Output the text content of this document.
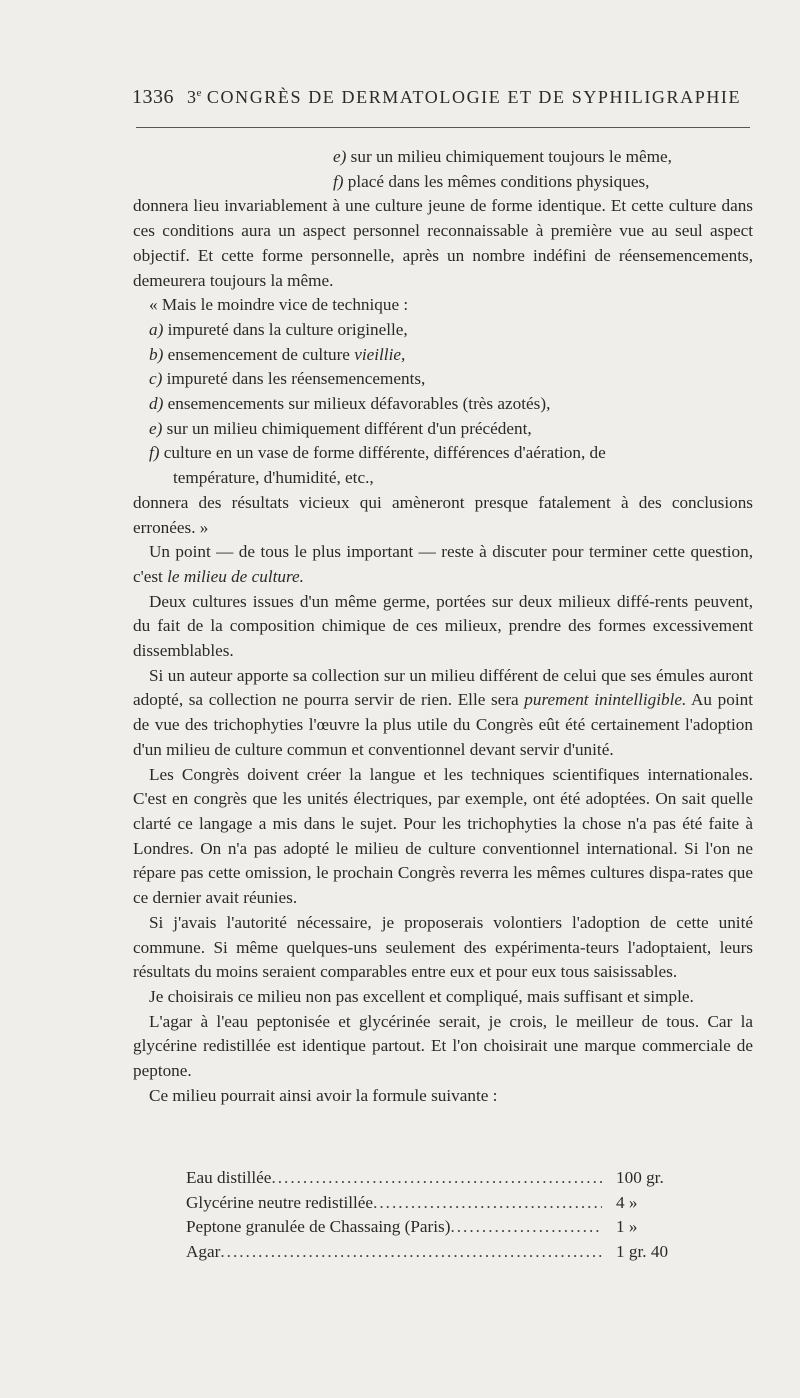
1336 3e CONGRÈS DE DERMATOLOGIE ET DE SYPHILIGRAPHIE

e) sur un milieu chimiquement toujours le même,

f) placé dans les mêmes conditions physiques,

donnera lieu invariablement à une culture jeune de forme identique. Et cette culture dans ces conditions aura un aspect personnel reconnaissable à première vue au seul aspect objectif. Et cette forme personnelle, après un nombre indéfini de réensemencements, demeurera toujours la même.

« Mais le moindre vice de technique :

a) impureté dans la culture originelle,

b) ensemencement de culture vieillie,

c) impureté dans les réensemencements,

d) ensemencements sur milieux défavorables (très azotés),

e) sur un milieu chimiquement différent d'un précédent,

f) culture en un vase de forme différente, différences d'aération, de

température, d'humidité, etc.,

donnera des résultats vicieux qui amèneront presque fatalement à des conclusions erronées. »

Un point — de tous le plus important — reste à discuter pour terminer cette question, c'est le milieu de culture.

Deux cultures issues d'un même germe, portées sur deux milieux diffé-rents peuvent, du fait de la composition chimique de ces milieux, prendre des formes excessivement dissemblables.

Si un auteur apporte sa collection sur un milieu différent de celui que ses émules auront adopté, sa collection ne pourra servir de rien. Elle sera purement inintelligible. Au point de vue des trichophyties l'œuvre la plus utile du Congrès eût été certainement l'adoption d'un milieu de culture commun et conventionnel devant servir d'unité.

Les Congrès doivent créer la langue et les techniques scientifiques internationales. C'est en congrès que les unités électriques, par exemple, ont été adoptées. On sait quelle clarté ce langage a mis dans le sujet. Pour les trichophyties la chose n'a pas été faite à Londres. On n'a pas adopté le milieu de culture conventionnel international. Si l'on ne répare pas cette omission, le prochain Congrès reverra les mêmes cultures dispa-rates que ce dernier avait réunies.

Si j'avais l'autorité nécessaire, je proposerais volontiers l'adoption de cette unité commune. Si même quelques-uns seulement des expérimenta-teurs l'adoptaient, leurs résultats du moins seraient comparables entre eux et pour eux tous saisissables.

Je choisirais ce milieu non pas excellent et compliqué, mais suffisant et simple.

L'agar à l'eau peptonisée et glycérinée serait, je crois, le meilleur de tous. Car la glycérine redistillée est identique partout. Et l'on choisirait une marque commerciale de peptone.

Ce milieu pourrait ainsi avoir la formule suivante :

Eau distillée .....	100 gr.
Glycérine neutre redistillée .....	4 »
Peptone granulée de Chassaing (Paris) .....	1 »
Agar .....	1 gr. 40
